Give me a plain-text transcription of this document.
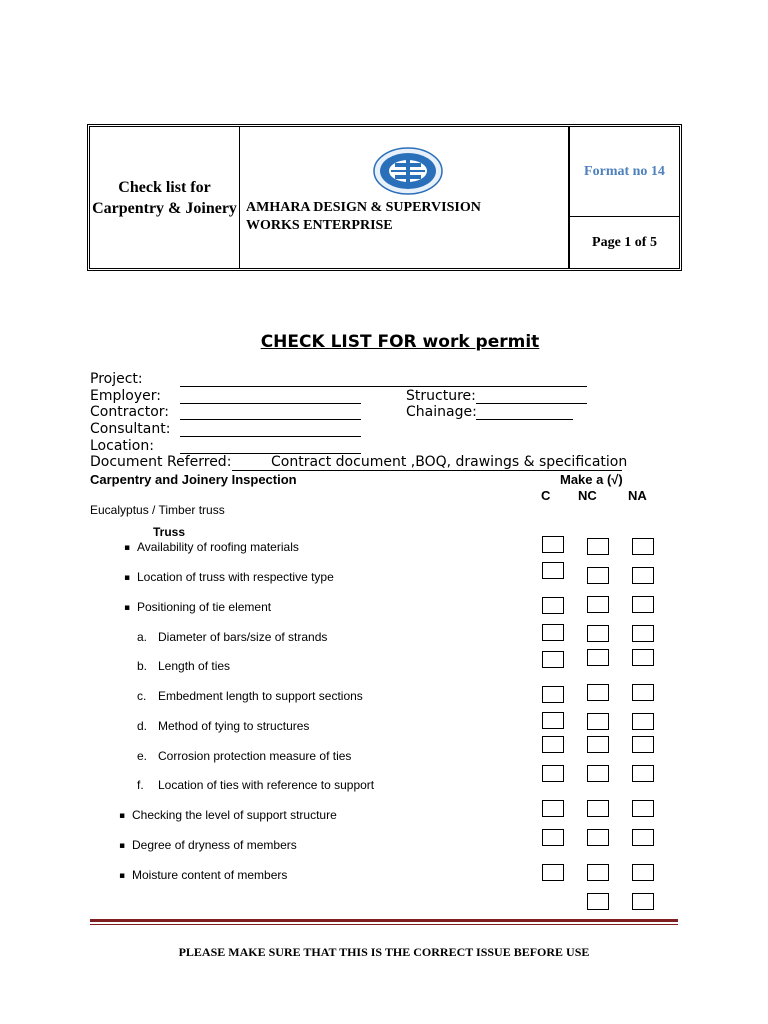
Check list for Carpentry & Joinery AMHARA DESIGN & SUPERVISION
WORKS ENTERPRISE
Format no 14
Page 1 of 5
CHECK LIST FOR work permit
Project:
Employer:	Structure:
Contractor:	Chainage:
Consultant:
Location:
Document Referred:	Contract document ,BOQ, drawings & specification
Carpentry and Joinery Inspection	Make a (√)
C NC NA
Eucalyptus / Timber truss
Truss
▪ Availability of roofing materials
▪ Location of truss with respective type
▪ Positioning of tie element
a. Diameter of bars/size of strands
b. Length of ties
c. Embedment length to support sections
d. Method of tying to structures
e. Corrosion protection measure of ties
f. Location of ties with reference to support
▪ Checking the level of support structure
▪ Degree of dryness of members
▪ Moisture content of members
PLEASE MAKE SURE THAT THIS IS THE CORRECT ISSUE BEFORE USE
